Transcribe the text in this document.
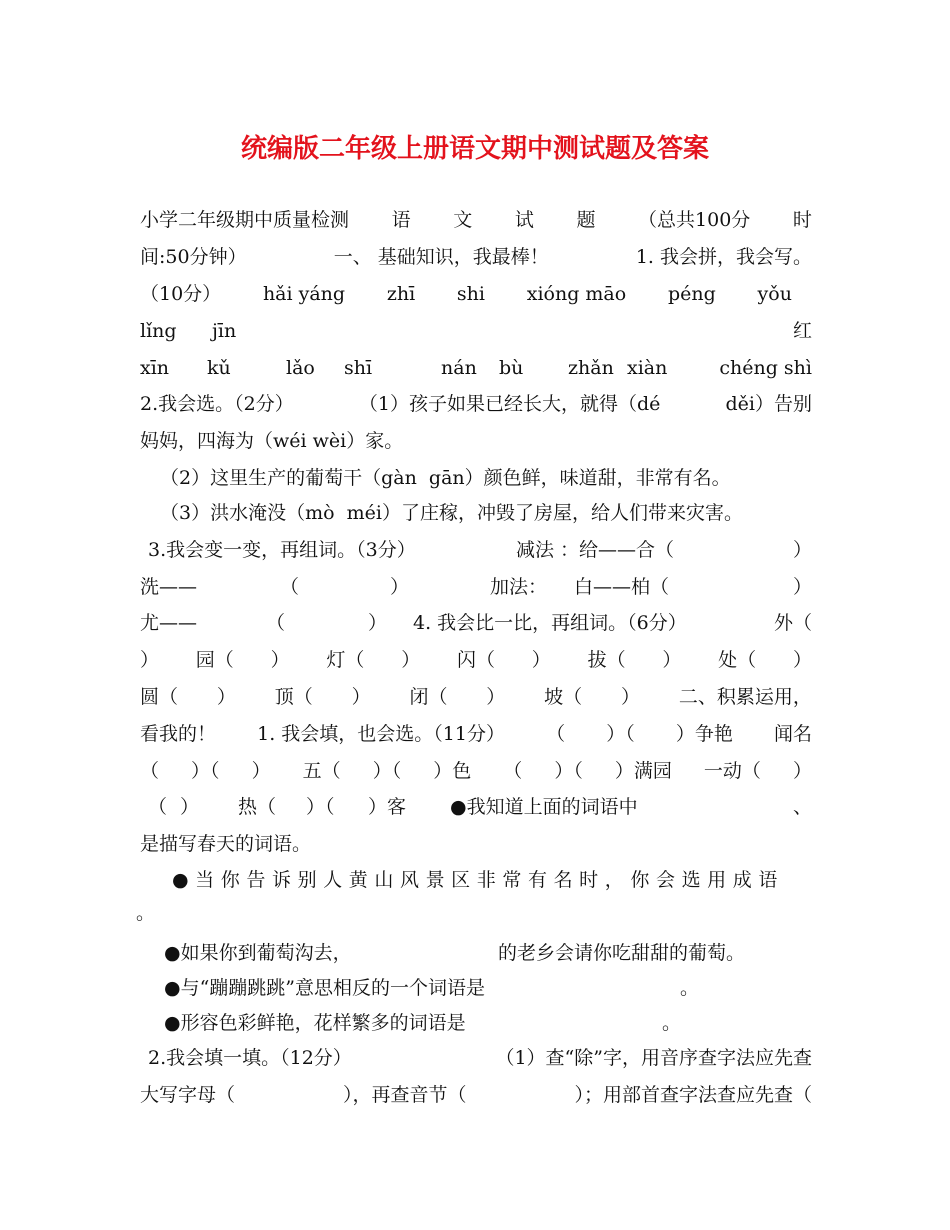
统编版二年级上册语文期中测试题及答案
小学二年级期中质量检测 语 文 试 题 （总共100分 时
间:50分钟）	一、 基础知识，我最棒！	1. 我会拼，我会写。
（10分） hǎi yáng zhī shi xióng māo péng yǒu
lǐng jīn	红
xīn kǔ	lǎo shī	nán bù zhǎn xiàn	chéng shì
2.我会选。（2分）	（1）孩子如果已经长大，就得（dé	děi）告别
妈妈，四海为（wéi wèi）家。
（2）这里生产的葡萄干（gàn gān）颜色鲜，味道甜，非常有名。
（3）洪水淹没（mò méi）了庄稼，冲毁了房屋，给人们带来灾害。
3.我会变一变，再组词。（3分）	减法 ：给——合（	）
洗——	（	）	加法： 白——柏（	）
尤——	（	） 4. 我会比一比，再组词。（6分）	外（
） 园（ ） 灯（ ） 闪（ ） 拔（ ） 处（ ）
圆（ ） 顶（ ） 闭（ ） 坡（ ） 二、积累运用，
看我的！ 1. 我会填，也会选。（11分） （ ）（ ）争艳 闻名
（ ）（ ） 五（ ）（ ）色 （ ）（ ）满园 一动（ ）
（ ） 热（ ）（ ）客 ●我知道上面的词语中	、
是描写春天的词语。
●当你告诉别人黄山风景区非常有名时，你会选用成语
。
●如果你到葡萄沟去，	的老乡会请你吃甜甜的葡萄。
●与“蹦蹦跳跳”意思相反的一个词语是	。
●形容色彩鲜艳，花样繁多的词语是	。
2.我会填一填。（12分）	（1）查“除”字，用音序查字法应先查
大写字母（	），再查音节（	）；用部首查字法查应先查（
